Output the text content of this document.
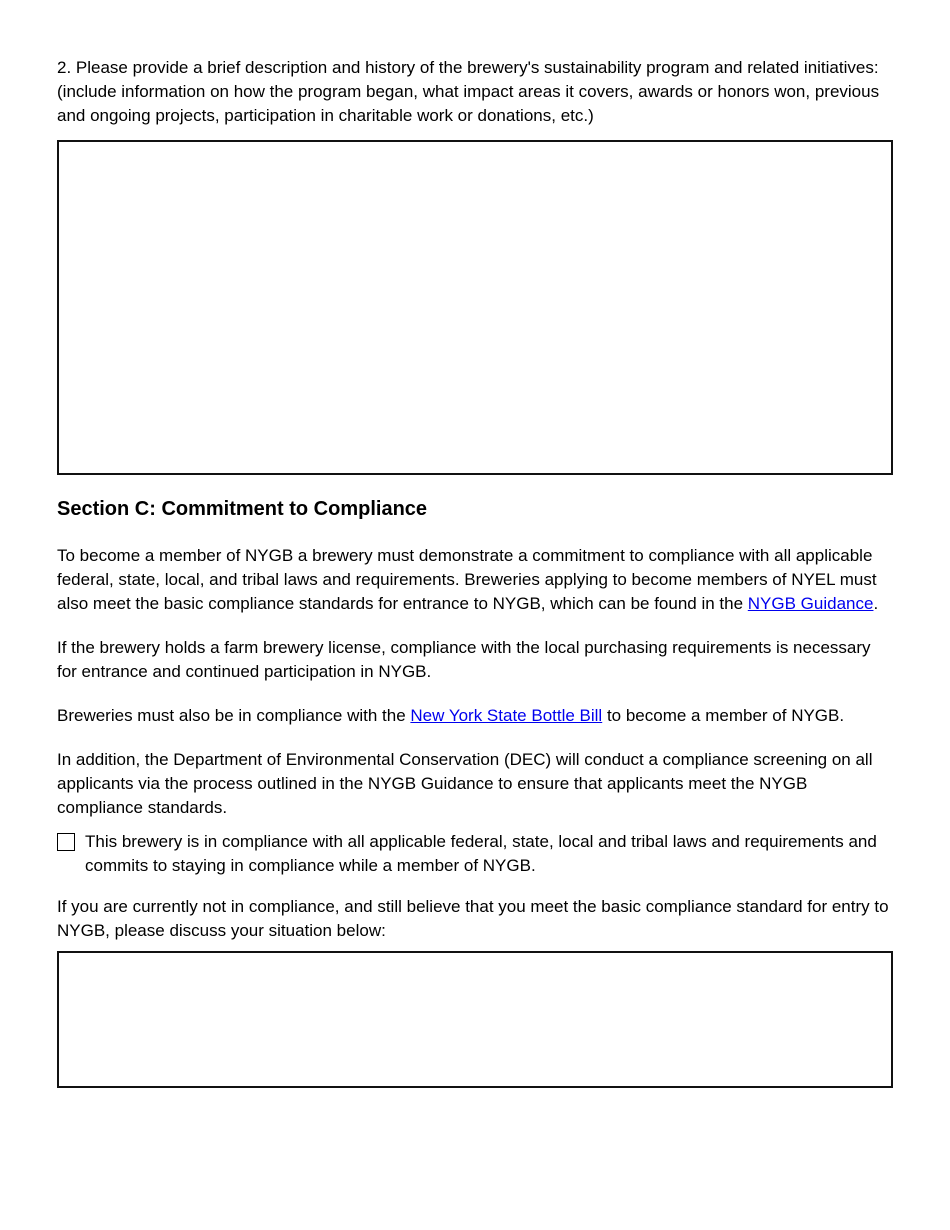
2. Please provide a brief description and history of the brewery's sustainability program and related initiatives: (include information on how the program began, what impact areas it covers, awards or honors won, previous and ongoing projects, participation in charitable work or donations, etc.)

Section C: Commitment to Compliance

To become a member of NYGB a brewery must demonstrate a commitment to compliance with all applicable federal, state, local, and tribal laws and requirements. Breweries applying to become members of NYEL must also meet the basic compliance standards for entrance to NYGB, which can be found in the NYGB Guidance.

If the brewery holds a farm brewery license, compliance with the local purchasing requirements is necessary for entrance and continued participation in NYGB.

Breweries must also be in compliance with the New York State Bottle Bill to become a member of NYGB.

In addition, the Department of Environmental Conservation (DEC) will conduct a compliance screening on all applicants via the process outlined in the NYGB Guidance to ensure that applicants meet the NYGB compliance standards.

This brewery is in compliance with all applicable federal, state, local and tribal laws and requirements and  commits to staying in compliance while a member of NYGB.

If you are currently not in compliance, and still believe that you meet the basic compliance standard for entry to NYGB, please discuss your situation below:
